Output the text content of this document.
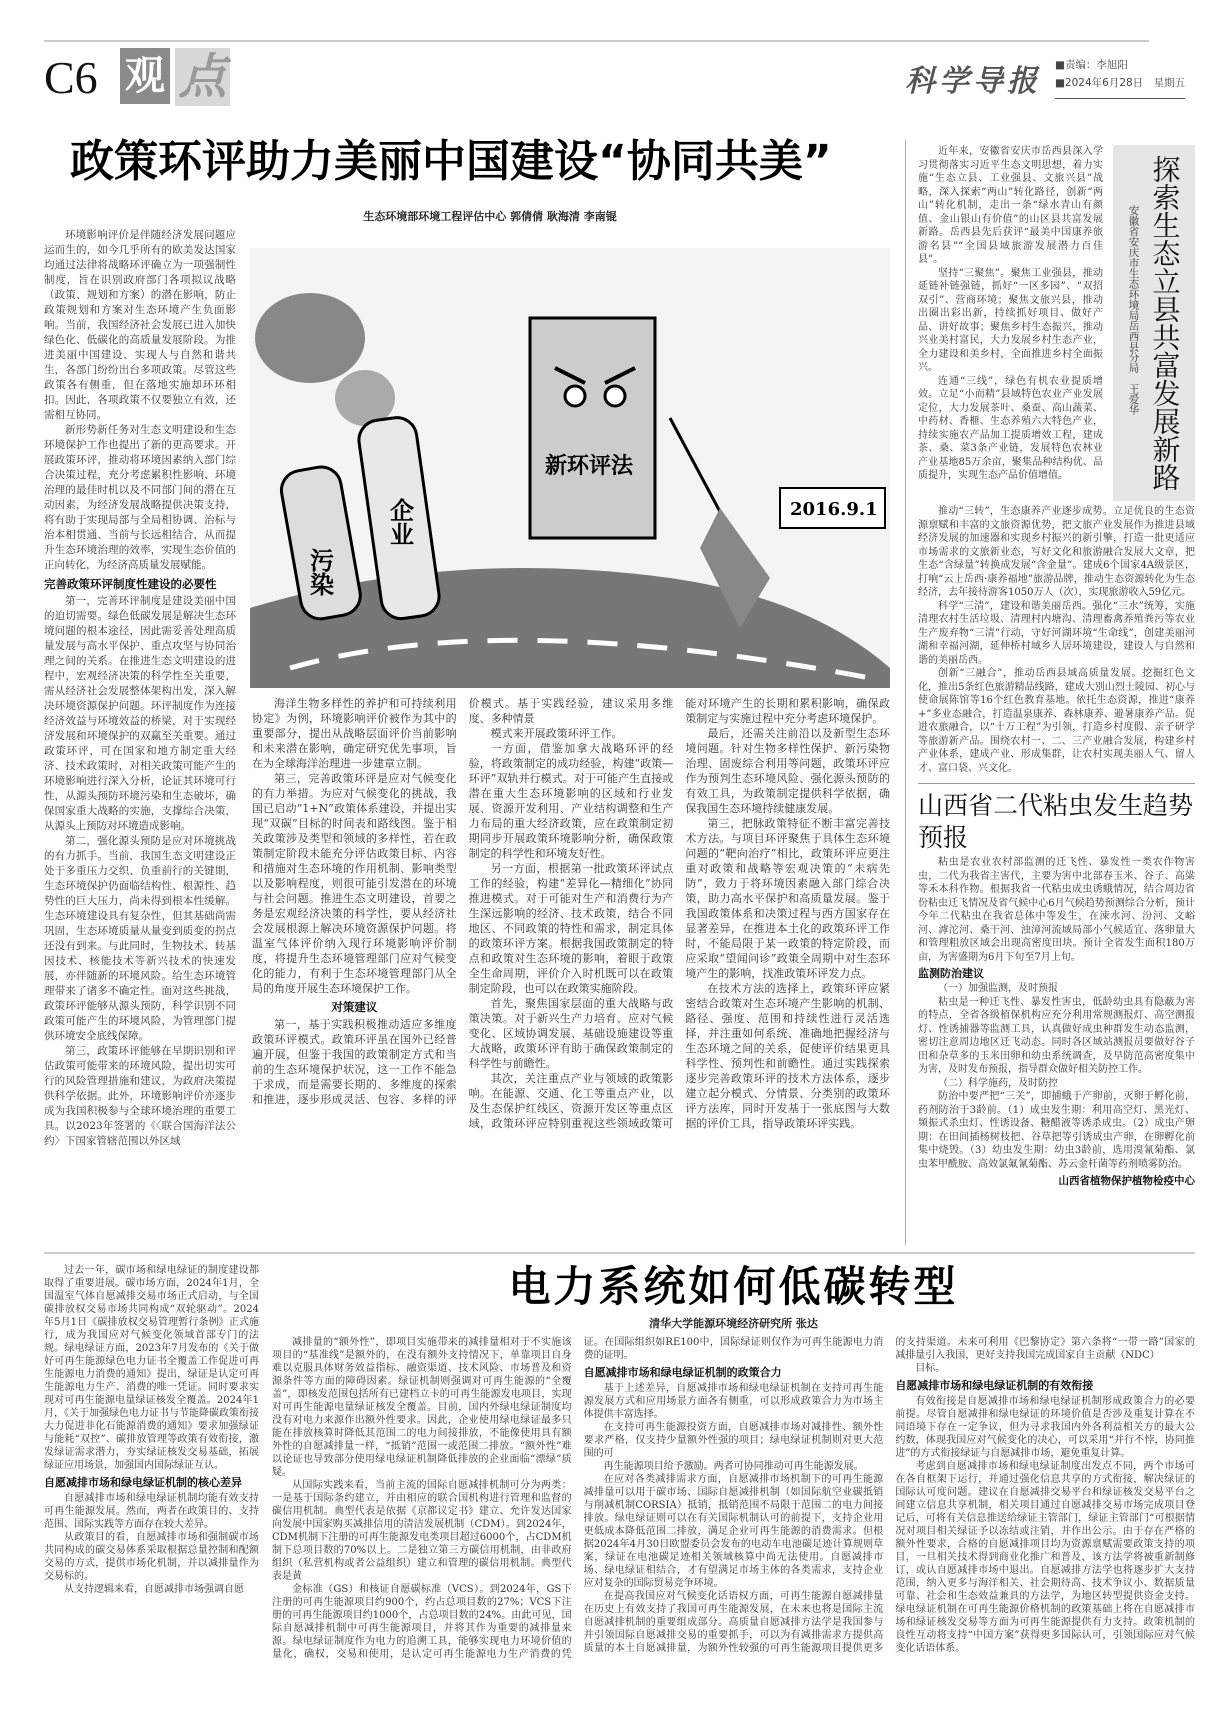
C6 观 点	科学导报 ■责编：李旭阳
■2024年6月28日　星期五
政策环评助力美丽中国建设“协同共美”
生态环境部环境工程评估中心 郭倩倩 耿海清 李南锟

环境影响评价是伴随经济发展问题应运而生的，如今几乎所有的欧美发达国家均通过法律将战略环评确立为一项强制性制度，旨在识别政府部门各项拟议战略（政策、规划和方案）的潜在影响，防止政策规划和方案对生态环境产生负面影响。当前，我国经济社会发展已进入加快绿色化、低碳化的高质量发展阶段。为推进美丽中国建设、实现人与自然和谐共生，各部门纷纷出台多项政策。尽管这些政策各有侧重，但在落地实施却环环相扣。因此，各项政策不仅要独立有效，还需相互协同。

新形势新任务对生态文明建设和生态环境保护工作也提出了新的更高要求。开展政策环评，推动将环境因素纳入部门综合决策过程，充分考虑累积性影响、环境治理的最佳时机以及不同部门间的潜在互动因素，为经济发展战略提供决策支持，将有助于实现局部与全局相协调、治标与治本相贯通、当前与长远相结合，从而提升生态环境治理的效率，实现生态价值的正向转化，为经济高质量发展赋能。

完善政策环评制度性建设的必要性

第一，完善环评制度是建设美丽中国的迫切需要。绿色低碳发展是解决生态环境问题的根本途径，因此需妥善处理高质量发展与高水平保护、重点攻坚与协同治理之间的关系。在推进生态文明建设的进程中，宏观经济决策的科学性至关重要，需从经济社会发展整体架构出发，深入解决环境资源保护问题。环评制度作为连接经济效益与环境效益的桥梁，对于实现经济发展和环境保护的双赢至关重要。通过政策环评，可在国家和地方制定重大经济、技术政策时，对相关政策可能产生的环境影响进行深入分析，论证其环境可行性，从源头预防环境污染和生态破坏，确保国家重大战略的实施，支撑综合决策，从源头上预防对环境造成影响。

第二，强化源头预防是应对环境挑战的有力抓手。当前，我国生态文明建设正处于多重压力交织、负重前行的关键期，生态环境保护仍面临结构性、根源性、趋势性的巨大压力，尚未得到根本性缓解。生态环境建设具有复杂性，但其基础尚需巩固，生态环境质量从量变到质变的拐点还没有到来。与此同时，生物技术、转基因技术、核能技术等新兴技术的快速发展，亦伴随新的环境风险。给生态环境管理带来了诸多不确定性。面对这些挑战，政策环评能够从源头预防，科学识别不同政策可能产生的环境风险，为管理部门提供环境安全底线保障。

第三，政策环评能够在早期识别和评估政策可能带来的环境风险，提出切实可行的风险管理措施和建议，为政府决策提供科学依据。此外，环境影响评价亦逐步成为我国积极参与全球环境治理的重要工具。以2023年签署的《〈联合国海洋法公约〉下国家管辖范围以外区域

污染
企业
新环评法
2016.9.1

海洋生物多样性的养护和可持续利用协定》为例，环境影响评价被作为其中的重要部分，提出从战略层面评价当前影响和未来潜在影响，确定研究优先事项，旨在为全球海洋治理进一步建章立制。

第三，完善政策环评是应对气候变化的有力举措。为应对气候变化的挑战，我国已启动“1+N”政策体系建设，并提出实现“双碳”目标的时间表和路线图。鉴于相关政策涉及类型和领域的多样性，若在政策制定阶段未能充分评估政策目标、内容和措施对生态环境的作用机制、影响类型以及影响程度，则很可能引发潜在的环境与社会问题。推进生态文明建设，首要之务是宏观经济决策的科学性，要从经济社会发展根源上解决环境资源保护问题。将温室气体评价纳入现行环境影响评价制度，将提升生态环境管理部门应对气候变化的能力，有利于生态环境管理部门从全局的角度开展生态环境保护工作。

对策建议

第一，基于实践积极推动适应多维度政策环评模式。政策环评虽在国外已经普遍开展，但鉴于我国的政策制定方式和当前的生态环境保护状况，这一工作不能急于求成，而是需要长期的、多维度的探索和推进，逐步形成灵活、包容、多样的评价模式。基于实践经验，建议采用多维度、多种情景

模式来开展政策环评工作。

一方面，借鉴加拿大战略环评的经验，将政策制定的成功经验，构建“政策—环评”双轨并行模式。对于可能产生直接或潜在重大生态环境影响的区域和行业发展、资源开发利用、产业结构调整和生产力布局的重大经济政策，应在政策制定初期同步开展政策环境影响分析，确保政策制定的科学性和环境友好性。

另一方面，根据第一批政策环评试点工作的经验，构建“差异化—精细化”协同推进模式。对于可能对生产和消费行为产生深远影响的经济、技术政策，结合不同地区、不同政策的特性和需求，制定具体的政策环评方案。根据我国政策制定的特点和政策对生态环境的影响，着眼于政策全生命周期，评价介入时机既可以在政策制定阶段，也可以在政策实施阶段。

首先，聚焦国家层面的重大战略与政策决策。对于新兴生产力培育、应对气候变化、区域协调发展、基础设施建设等重大战略，政策环评有助于确保政策制定的科学性与前瞻性。

其次，关注重点产业与领域的政策影响。在能源、交通、化工等重点产业，以及生态保护红线区、资源开发区等重点区域，政策环评应特别重视这些领域政策可能对环境产生的长期和累积影响，确保政策制定与实施过程中充分考虑环境保护。

最后，还需关注前沿以及新型生态环境问题。针对生物多样性保护、新污染物治理、固废综合利用等问题，政策环评应作为预判生态环境风险、强化源头预防的有效工具，为政策制定提供科学依据，确保我国生态环境持续健康发展。

第三，把脉政策特征不断丰富完善技术方法。与项目环评聚焦于具体生态环境问题的“靶向治疗”相比，政策环评应更注重对政策和战略等宏观决策的“未病先防”，致力于将环境因素融入部门综合决策，助力高水平保护和高质量发展。鉴于我国政策体系和决策过程与西方国家存在显著差异，在推进本土化的政策环评工作时，不能局限于某一政策的特定阶段，而应采取“望闻问诊”政策全周期中对生态环境产生的影响，找准政策环评发力点。

在技术方法的选择上，政策环评应紧密结合政策对生态环境产生影响的机制、路径、强度、范围和持续性进行灵活选择，并注重如何系统、准确地把握经济与生态环境之间的关系，促使评价结果更具科学性、预判性和前瞻性。通过实践探索逐步完善政策环评的技术方法体系，逐步建立起分模式、分情景、分类别的政策环评方法库，同时开发基于一张底图与大数据的评价工具，指导政策环评实践。

近年来，安徽省安庆市岳西县深入学习贯彻落实习近平生态文明思想，着力实施“生态立县、工业强县、文旅兴县”战略，深入探索“两山”转化路径，创新“两山”转化机制，走出一条“绿水青山有颜值、金山银山有价值”的山区县共富发展新路。岳西县先后获评“最美中国康养旅游名县”“全国县域旅游发展潜力百佳县”。

坚持“三聚焦”。聚焦工业强县，推动延链补链强链，抓好“一区多园”、“双招双引”、营商环境；聚焦文旅兴县，推动出圈出彩出新，持续抓好项目、做好产品、讲好故事；聚焦乡村生态振兴，推动兴业美村富民，大力发展乡村生态产业，全力建设和美乡村，全面推进乡村全面振兴。

连通“三线”，绿色有机农业提质增效。立足“小而精”县域特色农业产业发展定位，大力发展茶叶、桑蚕、高山蔬菜、中药材、香榧、生态养殖六大特色产业，持续实施农产品加工提质增效工程，建成茶、桑、菜3条产业链，发展特色农林业产业基地85万余亩，聚集品种结构优、品质提升，实现生态产品价值增值。	探索生态立县共富发展新路
安徽省安庆市生态环境局岳西县分局　王爱华

推动“三转”，生态康养产业逐步成势。立足优良的生态资源禀赋和丰富的文旅资源优势，把文旅产业发展作为推进县域经济发展的加速器和实现乡村振兴的新引擎，打造一批更适应市场需求的文旅新业态，写好文化和旅游融合发展大文章，把生态“含绿量”转换成发展“含金量”。建成6个国家4A级景区，打响“云上岳西·康养福地”旅游品牌，推动生态资源转化为生态经济，去年接待游客1050万人（次），实现旅游收入59亿元。

科学“三清”，建设和谐美丽岳西。强化“三水”统筹，实施清理农村生活垃圾、清理村内塘沟、清理畜禽养殖粪污等农业生产废弃物“三清”行动，守好河湖环境“生命线”，创建美丽河湖和幸福河湖，延伸桥村域乡人居环境建设，建设人与自然和谐的美丽岳西。

创新“三融合”，推动岳西县域高质量发展。挖掘红色文化，推出5条红色旅游精品线路，建成大别山烈士陵园、初心与使命展陈馆等16个红色教育基地。依托生态资源，推进“康养+”多业态融合，打造温泉康养、森林康养、避暑康养产品。促进农旅融合，以“十万工程”为引领，打造乡村度假、亲子研学等旅游新产品。围绕农村一、二、三产业融合发展，构建乡村产业体系，建成产业、形成集群，让农村实现美丽人气、留人才、富口袋、兴文化。

山西省二代粘虫发生趋势预报

粘虫是农业农村部监测的迁飞性、暴发性一类农作物害虫，二代为我省主害代，主要为害中北部春玉米、谷子、高粱等禾本科作物。根据我省一代粘虫成虫诱蛾情况，结合周边省份粘虫迁飞情况及省气候中心6月气候趋势预测综合分析，预计今年二代粘虫在我省总体中等发生，在涑水河、汾河、文峪河、滹沱河、桑干河、浊漳河流域局部小气候适宜、落卵量大和管理粗放区域会出现高密度田块。预计全省发生面积180万亩，为害盛期为6月下旬至7月上旬。

监测防治建议

（一）加强监测，及时预报

粘虫是一种迁飞性、暴发性害虫，低龄幼虫具有隐蔽为害的特点，全省各级植保机构应充分利用常规测报灯、高空测报灯、性诱捕器等监测工具，认真做好成虫种群发生动态监测，密切注意周边地区迁飞动态。同时各区域站测报员要做好谷子田和杂草多的玉米田卵和幼虫系统调查，及早防范高密度集中为害，及时发布预报，指导群众做好相关防控工作。

（二）科学施药，及时防控

防治中要严把“三关”，即捕蛾于产卵前，灭卵于孵化前，药剂防治于3龄前。（1）成虫发生期：利用高空灯、黑光灯、频振式杀虫灯、性诱设备、糖醋液等诱杀成虫。（2）成虫产卵期：在田间插杨树枝把、谷草把等引诱成虫产卵，在卵孵化前集中烧毁。（3）幼虫发生期：幼虫3龄前，选用溴氰菊酯、氯虫苯甲酰胺、高效氯氟氰菊酯、苏云金杆菌等药剂喷雾防治。

山西省植物保护植物检疫中心

过去一年，碳市场和绿电绿证的制度建设都取得了重要进展。碳市场方面，2024年1月，全国温室气体自愿减排交易市场正式启动，与全国碳排放权交易市场共同构成“双轮驱动”。2024年5月1日《碳排放权交易管理暂行条例》正式施行，成为我国应对气候变化领域首部专门的法规。绿电绿证方面，2023年7月发布的《关于做好可再生能源绿色电力证书全覆盖工作促进可再生能源电力消费的通知》提出，绿证是认定可再生能源电力生产、消费的唯一凭证。同时要求实现对可再生能源电量绿证核发全覆盖。2024年1月，《关于加强绿色电力证书与节能降碳政策衔接大力促进非化石能源消费的通知》要求加强绿证与能耗“双控”、碳排放管理等政策有效衔接，激发绿证需求潜力，夯实绿证核发交易基础，拓展绿证应用场景，加强国内国际绿证互认。

自愿减排市场和绿电绿证机制的核心差异

自愿减排市场和绿电绿证机制均能有效支持可再生能源发展。然而，两者在政策目的、支持范围、国际实践等方面存在较大差异。

从政策目的看，自愿减排市场和强制碳市场共同构成的碳交易体系采取根据总量控制和配额交易的方式，提供市场化机制，并以减排量作为交易标的。

从支持逻辑来看，自愿减排市场强调自愿

电力系统如何低碳转型
清华大学能源环境经济研究所 张达

减排量的“额外性”，即项目实施带来的减排量相对于不实施该项目的“基准线”是额外的，在没有额外支持情况下，单靠项目自身难以克服具体财务效益指标、融资渠道、技术风险、市场普及和资源条件等方面的障碍因素。绿证机制则强调对可再生能源的“全覆盖”，即核发范围包括所有已建档立卡的可再生能源发电项目，实现对可再生能源电量绿证核发全覆盖。目前，国内外绿电绿证制度均没有对电力来源作出额外性要求。因此，企业使用绿电绿证最多只能在排放核算时降低其范围二的电力间接排放，不能像使用具有额外性的自愿减排量一样，“抵销”范围一或范围二排放。“额外性”难以论证也导致部分使用绿电绿证机制降低排放的企业面临“漂绿”质疑。

从国际实践来看，当前主流的国际自愿减排机制可分为两类：一是基于国际条约建立，并由相应的联合国机构进行管理和监督的碳信用机制。典型代表是依据《京都议定书》建立、允许发达国家向发展中国家购买减排信用的清洁发展机制（CDM）。到2024年，CDM机制下注册的可再生能源发电类项目超过6000个，占CDM机制下总项目数的70%以上。二是独立第三方碳信用机制，由非政府组织（私营机构或者公益组织）建立和管理的碳信用机制。典型代表是黄

金标准（GS）和核证自愿碳标准（VCS）。到2024年，GS下注册的可再生能源项目约900个，约占总项目数的27%；VCS下注册的可再生能源项目约1000个，占总项目数的24%。由此可见，国际自愿减排机制中可再生能源项目，并将其作为重要的减排量来源。绿电绿证制度作为电力的追溯工具，能够实现电力环境价值的量化，确权，交易和使用，是认定可再生能源电力生产消费的凭证。在国际组织如RE100中，国际绿证则仅作为可再生能源电力消费的证明。

自愿减排市场和绿电绿证机制的政策合力

基于上述差异，自愿减排市场和绿电绿证机制在支持可再生能源发展方式和应用场景方面各有侧重，可以形成政策合力为市场主体提供丰富选择。

在支持可再生能源投资方面，自愿减排市场对减排性、额外性要求严格，仅支持少量额外性强的项目；绿电绿证机制则对更大范围的可

再生能源项目给予激励。两者可协同推动可再生能源发展。

在应对各类减排需求方面，自愿减排市场机制下的可再生能源减排量可以用于碳市场、国际自愿减排机制（如国际航空业碳抵销与削减机制CORSIA）抵销，抵销范围不局限于范围二的电力间接排放。绿电绿证则可以在有关国际机制认可的前提下，支持企业用更低成本降低范围二排放，满足企业可再生能源的消费需求。但根据2024年4月30日欧盟委员会发布的电动车电池碳足迹计算规则草案，绿证在电池碳足迹相关领域核算中尚无法使用。自愿减排市场、绿电绿证相结合，才有望满足市场主体的各类需求，支持企业应对复杂的国际贸易竞争环境。

在提高我国应对气候变化话语权方面，可再生能源自愿减排量在历史上有效支持了我国可再生能源发展，在未来也将是国际主流自愿减排机制的重要组成部分。高质量自愿减排方法学是我国参与并引领国际自愿减排交易的重要抓手，可以为有减排需求方提供高质量的本土自愿减排量，为额外性较强的可再生能源项目提供更多的支持渠道。未来可利用《巴黎协定》第六条将“一带一路”国家的减排量引入我国，更好支持我国完成国家自主贡献（NDC）

目标。

自愿减排市场和绿电绿证机制的有效衔接

有效衔接是自愿减排市场和绿电绿证机制形成政策合力的必要前提。尽管自愿减排和绿电绿证的环境价值是否涉及重复计算在不同语境下存在一定争议，但为寻求我国内外各利益相关方的最大公约数，体现我国应对气候变化的决心，可以采用“并行不悖，协同推进”的方式衔接绿证与自愿减排市场，避免重复计算。

考虑到自愿减排市场和绿电绿证制度出发点不同，两个市场可在各自框架下运行，并通过强化信息共享的方式衔接，解决绿证的国际认可度问题。建议在自愿减排交易平台和绿证核发交易平台之间建立信息共享机制，相关项目通过自愿减排交易市场完成项目登记后，可将有关信息推送给绿证主管部门，绿证主管部门“可根据情况对项目相关绿证予以冻结或注销，并作出公示。由于存在严格的额外性要求，合格的自愿减排项目均为资源禀赋需要政策支持的项目，一旦相关技术得到商业化推广和普及，该方法学将被重新制修订，或认自愿减排市场中退出。自愿减排方法学也将逐步扩大支持范围，纳入更多与海洋相关、社会期待高、技术争议小、数据质量可靠、社会和生态效益兼具的方法学，为地区转型提供资金支持。绿电绿证机制在可再生能源价格机制的政策基础上将在自愿减排市场和绿证核发交易等方面为可再生能源提供有力支持。政策机制的良性互动将支持“中国方案”获得更多国际认可，引领国际应对气候变化话语体系。
